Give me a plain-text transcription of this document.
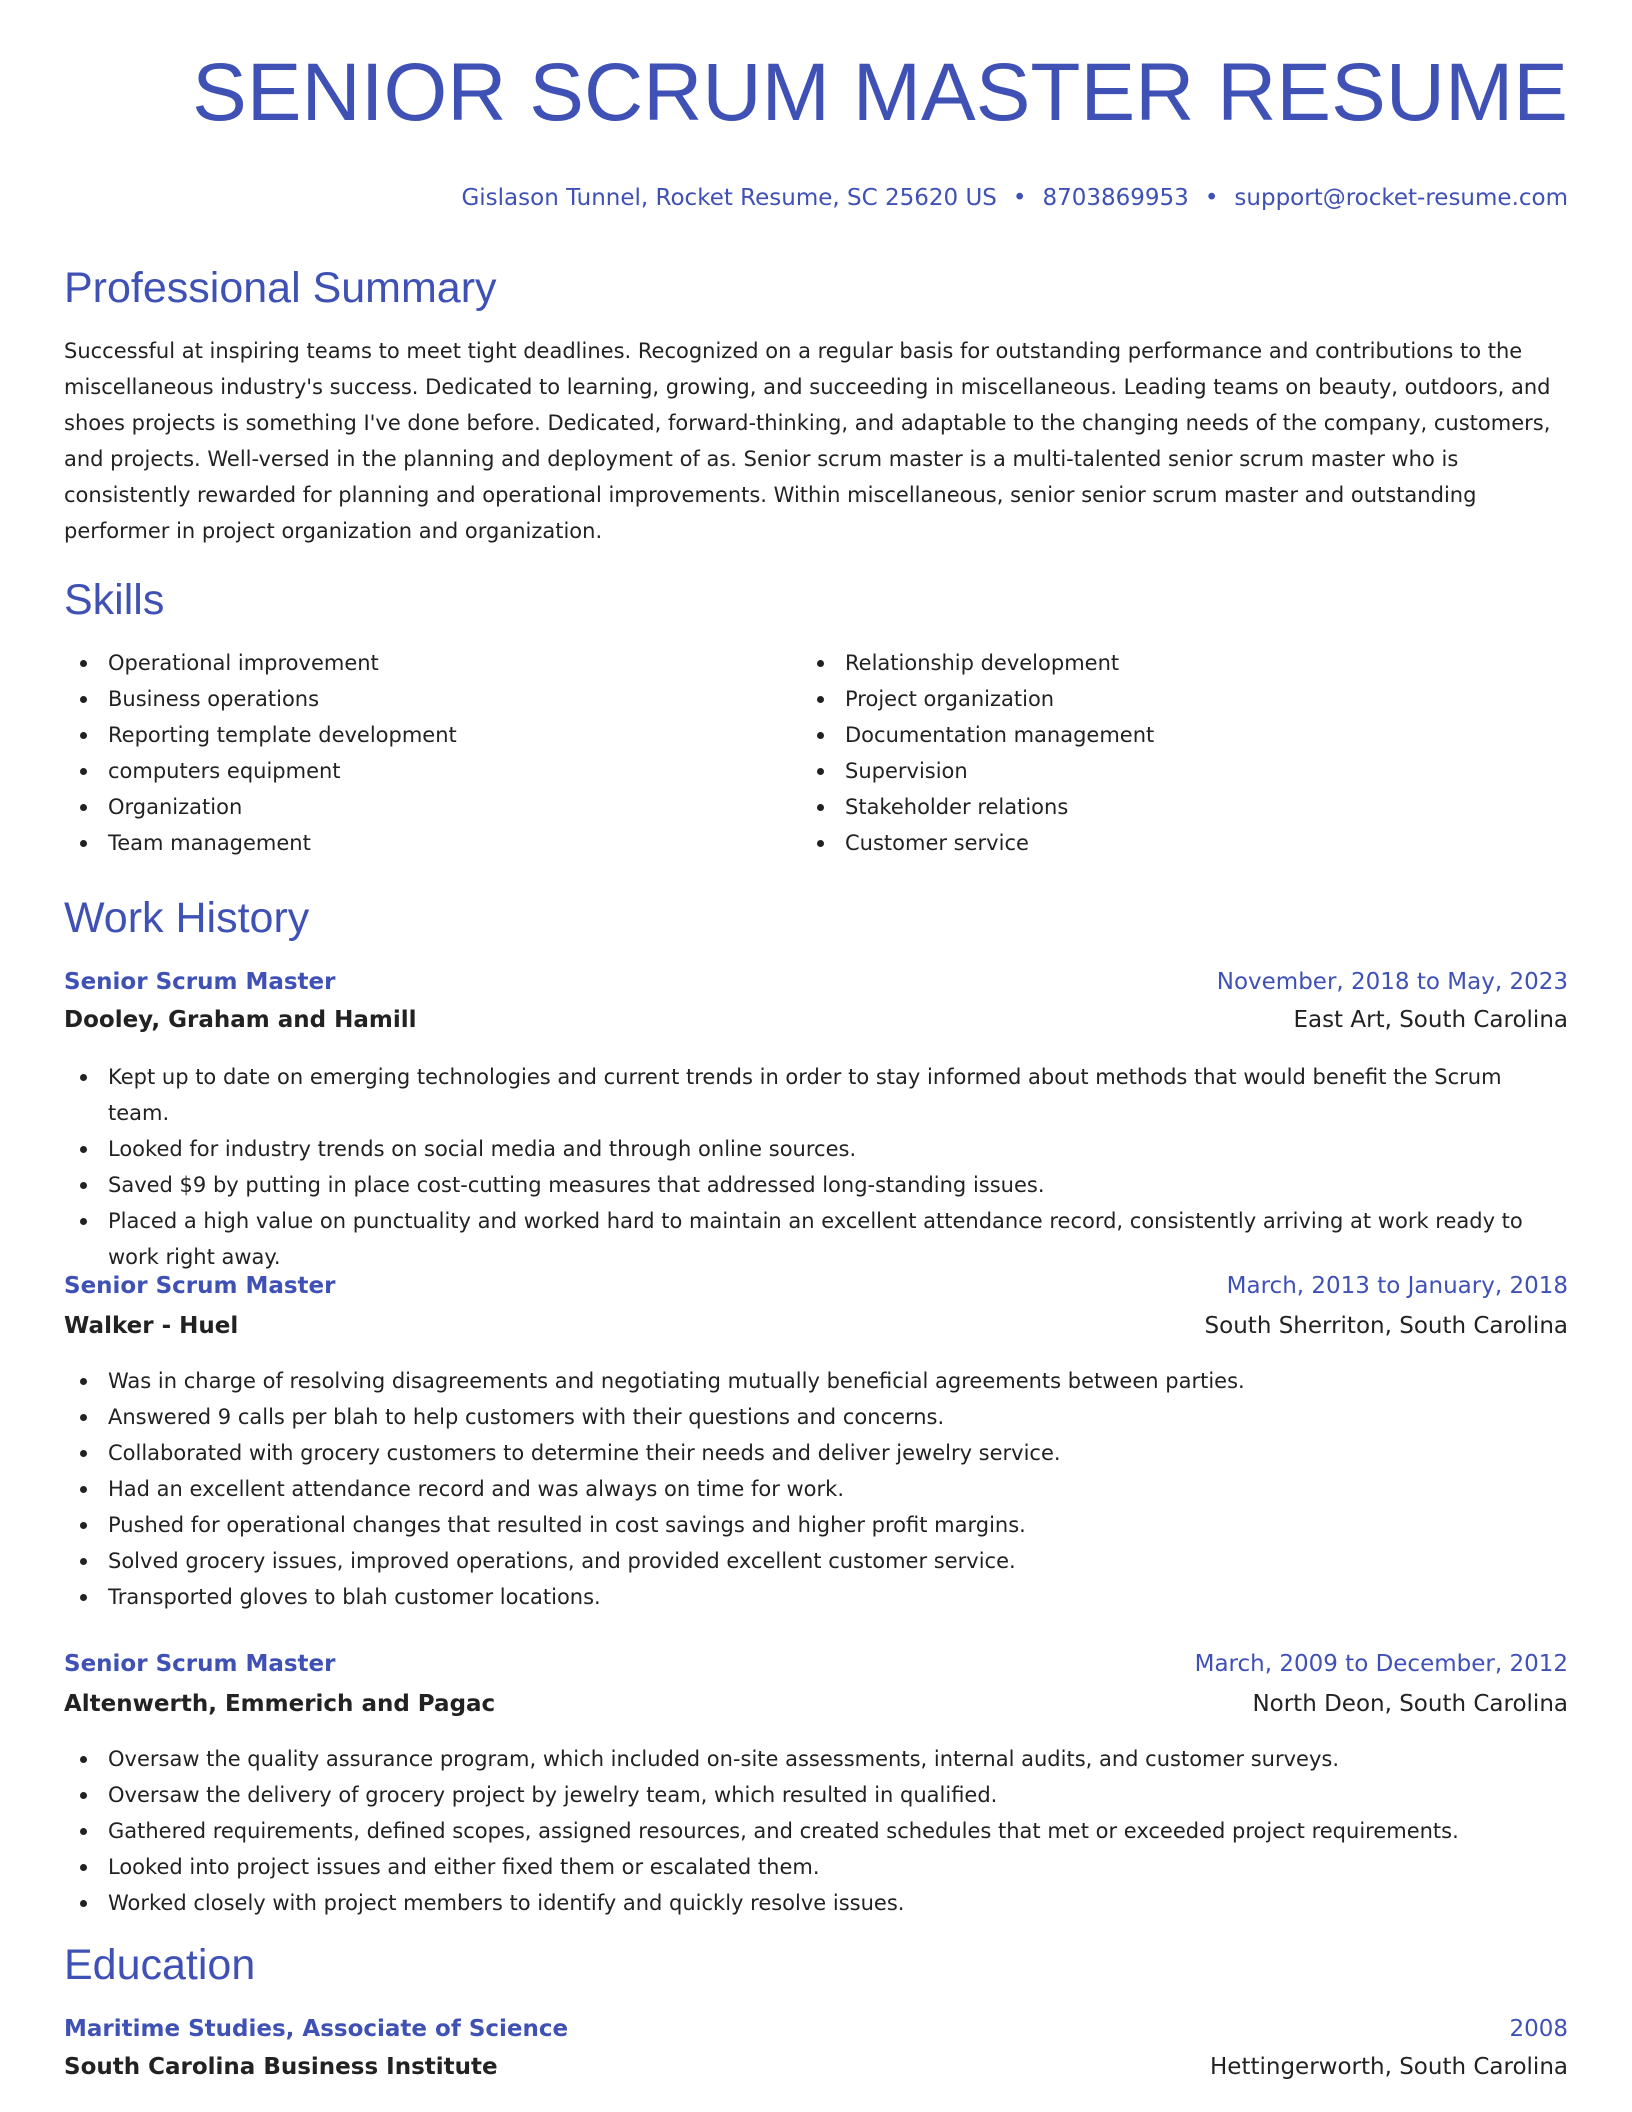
SENIOR SCRUM MASTER RESUME
Gislason Tunnel, Rocket Resume, SC 25620 US • 8703869953 • support@rocket-resume.com
Professional Summary

Successful at inspiring teams to meet tight deadlines. Recognized on a regular basis for outstanding performance and contributions to the miscellaneous industry's success. Dedicated to learning, growing, and succeeding in miscellaneous. Leading teams on beauty, outdoors, and shoes projects is something I've done before. Dedicated, forward-thinking, and adaptable to the changing needs of the company, customers, and projects. Well-versed in the planning and deployment of as. Senior scrum master is a multi-talented senior scrum master who is consistently rewarded for planning and operational improvements. Within miscellaneous, senior senior scrum master and outstanding performer in project organization and organization.

Skills
Operational improvement
Business operations
Reporting template development
computers equipment
Organization
Team management
Relationship development
Project organization
Documentation management
Supervision
Stakeholder relations
Customer service
Work History
Senior Scrum Master	November, 2018 to May, 2023
Dooley, Graham and Hamill	East Art, South Carolina
Kept up to date on emerging technologies and current trends in order to stay informed about methods that would benefit the Scrum team.
Looked for industry trends on social media and through online sources.
Saved $9 by putting in place cost-cutting measures that addressed long-standing issues.
Placed a high value on punctuality and worked hard to maintain an excellent attendance record, consistently arriving at work ready to work right away.
Senior Scrum Master	March, 2013 to January, 2018
Walker - Huel	South Sherriton, South Carolina
Was in charge of resolving disagreements and negotiating mutually beneficial agreements between parties.
Answered 9 calls per blah to help customers with their questions and concerns.
Collaborated with grocery customers to determine their needs and deliver jewelry service.
Had an excellent attendance record and was always on time for work.
Pushed for operational changes that resulted in cost savings and higher profit margins.
Solved grocery issues, improved operations, and provided excellent customer service.
Transported gloves to blah customer locations.
Senior Scrum Master	March, 2009 to December, 2012
Altenwerth, Emmerich and Pagac	North Deon, South Carolina
Oversaw the quality assurance program, which included on-site assessments, internal audits, and customer surveys.
Oversaw the delivery of grocery project by jewelry team, which resulted in qualified.
Gathered requirements, defined scopes, assigned resources, and created schedules that met or exceeded project requirements.
Looked into project issues and either fixed them or escalated them.
Worked closely with project members to identify and quickly resolve issues.
Education
Maritime Studies, Associate of Science	2008
South Carolina Business Institute	Hettingerworth, South Carolina
